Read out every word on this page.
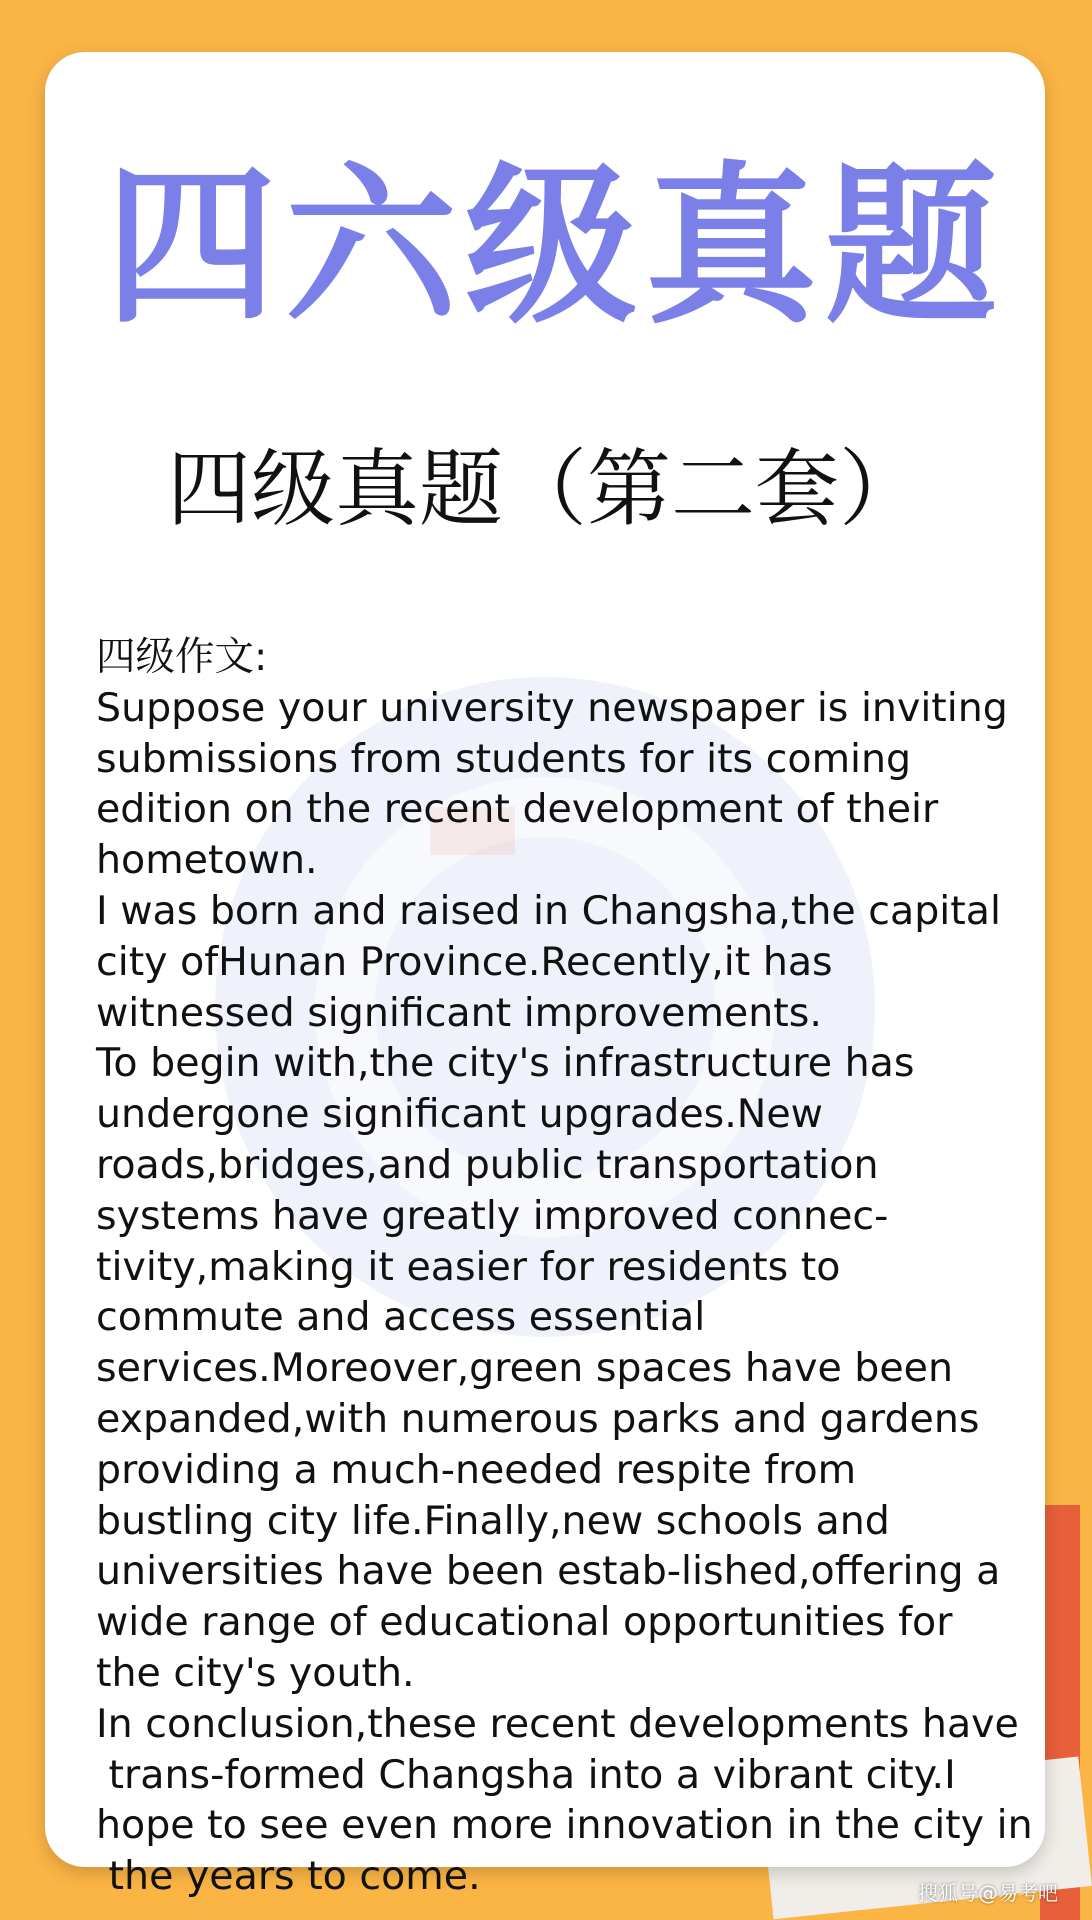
四六级真题
四级真题（第二套）
四级作文:
Suppose your university newspaper is inviting
submissions from students for its coming
edition on the recent development of their
hometown.
I was born and raised in Changsha,the capital
city ofHunan Province.Recently,it has
witnessed significant improvements.
To begin with,the city's infrastructure has
undergone significant upgrades.New
roads,bridges,and public transportation
systems have greatly improved connec-
tivity,making it easier for residents to
commute and access essential
services.Moreover,green spaces have been
expanded,with numerous parks and gardens
providing a much-needed respite from
bustling city life.Finally,new schools and
universities have been estab-lished,offering a
wide range of educational opportunities for
the city's youth.
In conclusion,these recent developments have
trans-formed Changsha into a vibrant city.I
hope to see even more innovation in the city in
the years to come.	搜狐号@易考吧
